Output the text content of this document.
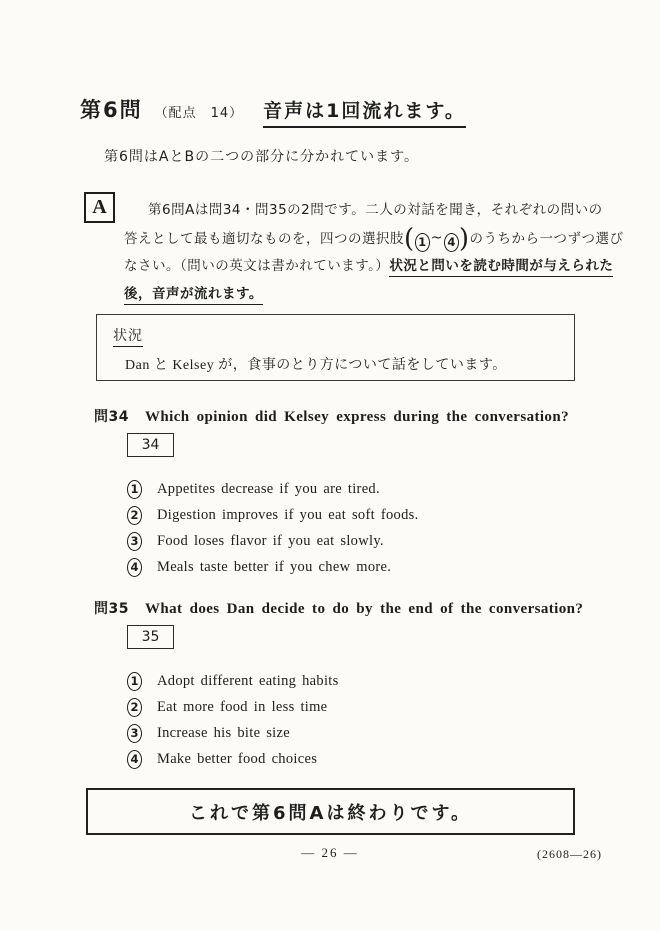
第6問 （配点　14） 音声は1回流れます。
第6問はAとBの二つの部分に分かれています。
A	第6問Aは問34・問35の2問です。二人の対話を聞き，それぞれの問いの
答えとして最も適切なものを，四つの選択肢( 1 ~ 4 )のうちから一つずつ選び
なさい。（問いの英文は書かれています。）状況と問いを読む時間が与えられた
後，音声が流れます。
状況
Dan と Kelsey が，食事のとり方について話をしています。
問34 Which opinion did Kelsey express during the conversation?
34
1 Appetites decrease if you are tired.
2 Digestion improves if you eat soft foods.
3 Food loses flavor if you eat slowly.
4 Meals taste better if you chew more.
問35 What does Dan decide to do by the end of the conversation?
35
1 Adopt different eating habits
2 Eat more food in less time
3 Increase his bite size
4 Make better food choices
これで第6問Aは終わりです。
— 26 —	(2608—26)
